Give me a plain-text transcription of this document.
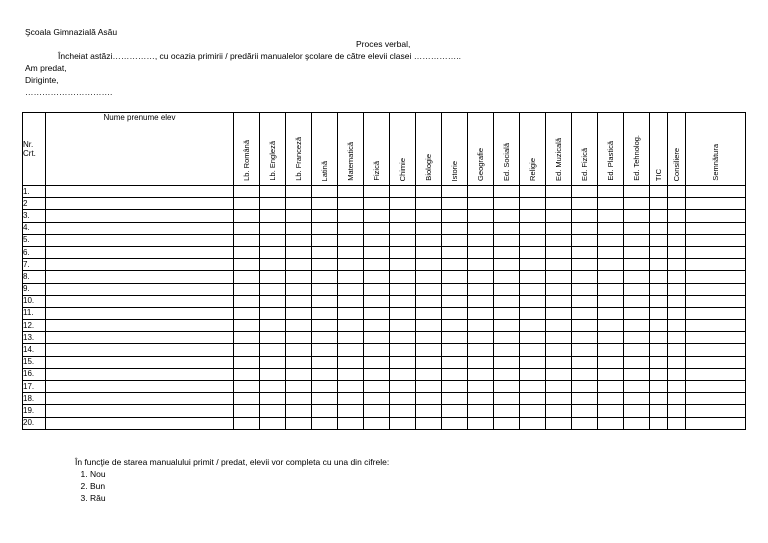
Şcoala Gimnazială Asău
Proces verbal,
Încheiat astăzi……………, cu ocazia primirii / predării manualelor şcolare de către elevii clasei ……………..
Am predat,
Diriginte,
………………………….
Nr.
Crt.	Nume prenume elev	Lb. Română	Lb. Engleză	Lb. Franceză	Latină	Matematică	Fizică	Chimie	Biologie	Istorie	Geografie	Ed. Socială	Religie	Ed. Muzicală	Ed. Fizică	Ed. Plastică	Ed. Tehnolog.	TIC	Consiliere	Semnătura

1.																				
2																				
3.																				
4.																				
5.																				
6.																				
7.																				
8.																				
9.																				
10.																				
11.																				
12.																				
13.																				
14.																				
15.																				
16.																				
17.																				
18.																				
19.																				
20.																				
În funcţie de starea manualului primit / predat, elevii vor completa cu una din cifrele:
1. Nou
2. Bun
3. Rău
